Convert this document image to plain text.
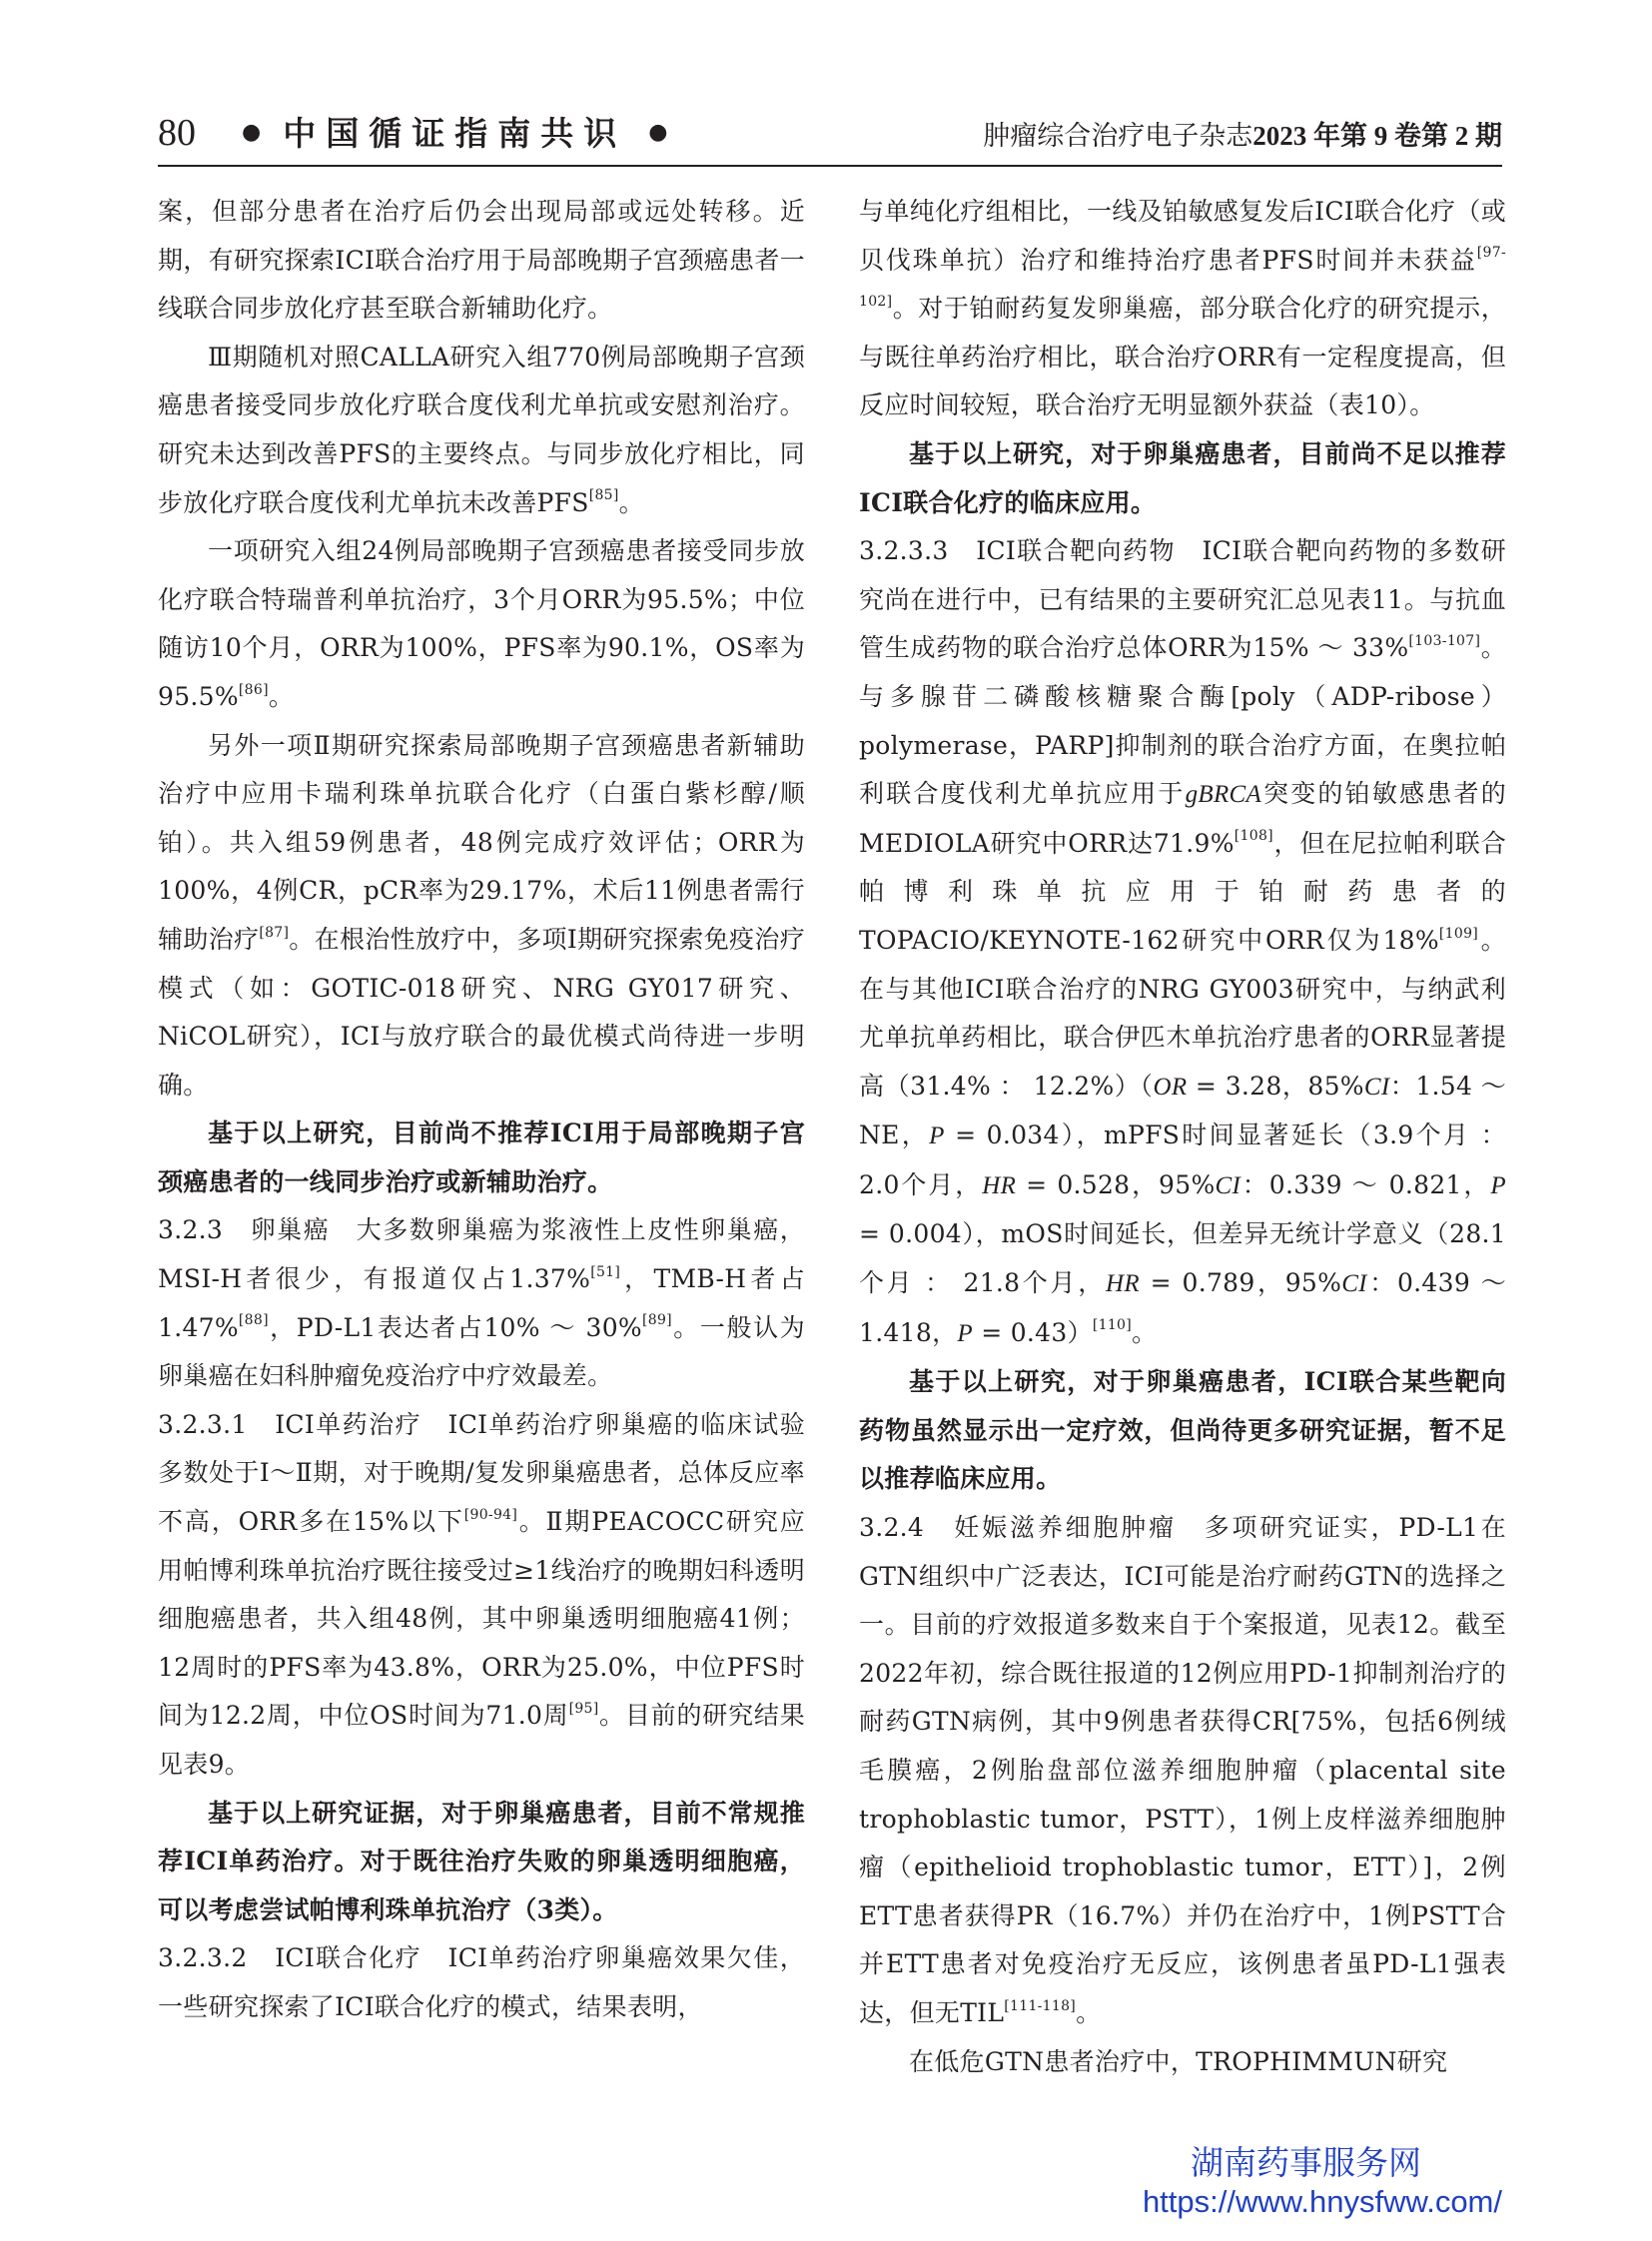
80 ● 中国循证指南共识 ●	肿瘤综合治疗电子杂志2023 年第 9 卷第 2 期

案，但部分患者在治疗后仍会出现局部或远处转移。近期，有研究探索ICI联合治疗用于局部晚期子宫颈癌患者一线联合同步放化疗甚至联合新辅助化疗。

Ⅲ期随机对照CALLA研究入组770例局部晚期子宫颈癌患者接受同步放化疗联合度伐利尤单抗或安慰剂治疗。研究未达到改善PFS的主要终点。与同步放化疗相比，同步放化疗联合度伐利尤单抗未改善PFS[85]。

一项研究入组24例局部晚期子宫颈癌患者接受同步放化疗联合特瑞普利单抗治疗，3个月ORR为95.5%；中位随访10个月，ORR为100%，PFS率为90.1%，OS率为95.5%[86]。

另外一项Ⅱ期研究探索局部晚期子宫颈癌患者新辅助治疗中应用卡瑞利珠单抗联合化疗（白蛋白紫杉醇/顺铂）。共入组59例患者，48例完成疗效评估；ORR为100%，4例CR，pCR率为29.17%，术后11例患者需行辅助治疗[87]。在根治性放疗中，多项Ⅰ期研究探索免疫治疗模式（如：GOTIC-018研究、NRG GY017研究、NiCOL研究），ICI与放疗联合的最优模式尚待进一步明确。

基于以上研究，目前尚不推荐ICI用于局部晚期子宫颈癌患者的一线同步治疗或新辅助治疗。

3.2.3　卵巢癌　大多数卵巢癌为浆液性上皮性卵巢癌，MSI-H者很少，有报道仅占1.37%[51]，TMB-H者占1.47%[88]，PD-L1表达者占10% ～ 30%[89]。一般认为卵巢癌在妇科肿瘤免疫治疗中疗效最差。

3.2.3.1　ICI单药治疗　ICI单药治疗卵巢癌的临床试验多数处于Ⅰ～Ⅱ期，对于晚期/复发卵巢癌患者，总体反应率不高，ORR多在15%以下[90-94]。Ⅱ期PEACOCC研究应用帕博利珠单抗治疗既往接受过≥1线治疗的晚期妇科透明细胞癌患者，共入组48例，其中卵巢透明细胞癌41例；12周时的PFS率为43.8%，ORR为25.0%，中位PFS时间为12.2周，中位OS时间为71.0周[95]。目前的研究结果见表9。

基于以上研究证据，对于卵巢癌患者，目前不常规推荐ICI单药治疗。对于既往治疗失败的卵巢透明细胞癌，可以考虑尝试帕博利珠单抗治疗（3类）。

3.2.3.2　ICI联合化疗　ICI单药治疗卵巢癌效果欠佳，一些研究探索了ICI联合化疗的模式，结果表明，

与单纯化疗组相比，一线及铂敏感复发后ICI联合化疗（或贝伐珠单抗）治疗和维持治疗患者PFS时间并未获益[97-102]。对于铂耐药复发卵巢癌，部分联合化疗的研究提示，与既往单药治疗相比，联合治疗ORR有一定程度提高，但反应时间较短，联合治疗无明显额外获益（表10）。

基于以上研究，对于卵巢癌患者，目前尚不足以推荐ICI联合化疗的临床应用。

3.2.3.3　ICI联合靶向药物　ICI联合靶向药物的多数研究尚在进行中，已有结果的主要研究汇总见表11。与抗血管生成药物的联合治疗总体ORR为15% ～ 33%[103-107]。与多腺苷二磷酸核糖聚合酶[poly（ADP-ribose）polymerase，PARP]抑制剂的联合治疗方面，在奥拉帕利联合度伐利尤单抗应用于gBRCA突变的铂敏感患者的MEDIOLA研究中ORR达71.9%[108]，但在尼拉帕利联合帕博利珠单抗应用于铂耐药患者的TOPACIO/KEYNOTE-162研究中ORR仅为18%[109]。在与其他ICI联合治疗的NRG GY003研究中，与纳武利尤单抗单药相比，联合伊匹木单抗治疗患者的ORR显著提高（31.4% ： 12.2%）（OR = 3.28，85%CI：1.54 ～ NE，P = 0.034），mPFS时间显著延长（3.9个月 ： 2.0个月，HR = 0.528，95%CI：0.339 ～ 0.821，P = 0.004），mOS时间延长，但差异无统计学意义（28.1个月 ： 21.8个月，HR = 0.789，95%CI：0.439 ～ 1.418，P = 0.43）[110]。

基于以上研究，对于卵巢癌患者，ICI联合某些靶向药物虽然显示出一定疗效，但尚待更多研究证据，暂不足以推荐临床应用。

3.2.4　妊娠滋养细胞肿瘤　多项研究证实，PD-L1在GTN组织中广泛表达，ICI可能是治疗耐药GTN的选择之一。目前的疗效报道多数来自于个案报道，见表12。截至2022年初，综合既往报道的12例应用PD-1抑制剂治疗的耐药GTN病例，其中9例患者获得CR[75%，包括6例绒毛膜癌，2例胎盘部位滋养细胞肿瘤（placental site trophoblastic tumor，PSTT），1例上皮样滋养细胞肿瘤（epithelioid trophoblastic tumor，ETT）]，2例ETT患者获得PR（16.7%）并仍在治疗中，1例PSTT合并ETT患者对免疫治疗无反应，该例患者虽PD-L1强表达，但无TIL[111-118]。

在低危GTN患者治疗中，TROPHIMMUN研究

湖南药事服务网
https://www.hnysfww.com/
